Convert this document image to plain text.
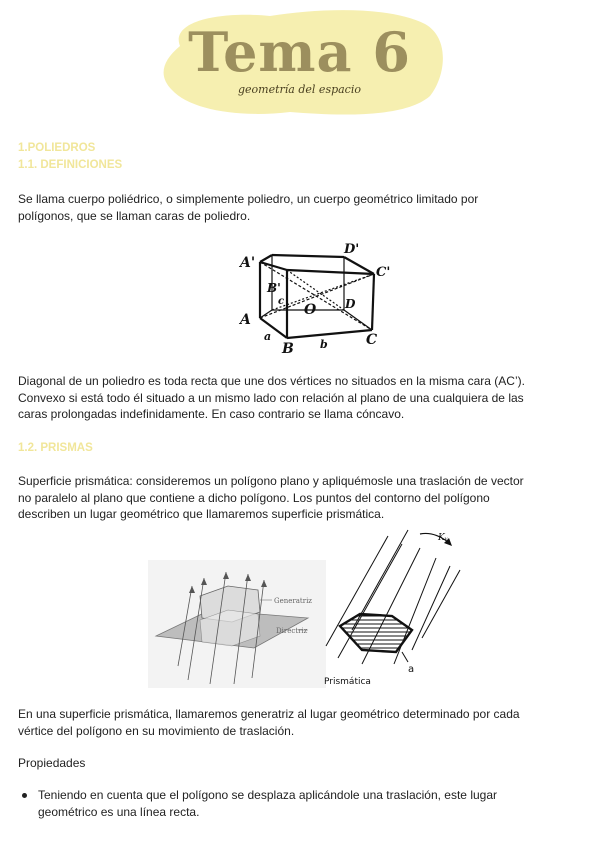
Tema 6
geometría del espacio
1.POLIEDROS
1.1. DEFINICIONES
Se llama cuerpo poliédrico, o simplemente poliedro, un cuerpo geométrico limitado por
polígonos, que se llaman caras de poliedro.
A'
D'
C'
B'
A
B
C
D
O
a
b
c
Diagonal de un poliedro es toda recta que une dos vértices no situados en la misma cara (AC’).
Convexo si está todo él situado a un mismo lado con relación al plano de una cualquiera de las
caras prolongadas indefinidamente. En caso contrario se llama cóncavo.
1.2. PRISMAS
Superficie prismática: consideremos un polígono plano y apliquémosle una traslación de vector
no paralelo al plano que contiene a dicho polígono. Los puntos del contorno del polígono
describen un lugar geométrico que llamaremos superficie prismática.
Generatriz
Directriz
Kᵥ
a
Prismática
En una superficie prismática, llamaremos generatriz al lugar geométrico determinado por cada
vértice del polígono en su movimiento de traslación.
Propiedades
Teniendo en cuenta que el polígono se desplaza aplicándole una traslación, este lugar
geométrico es una línea recta.
